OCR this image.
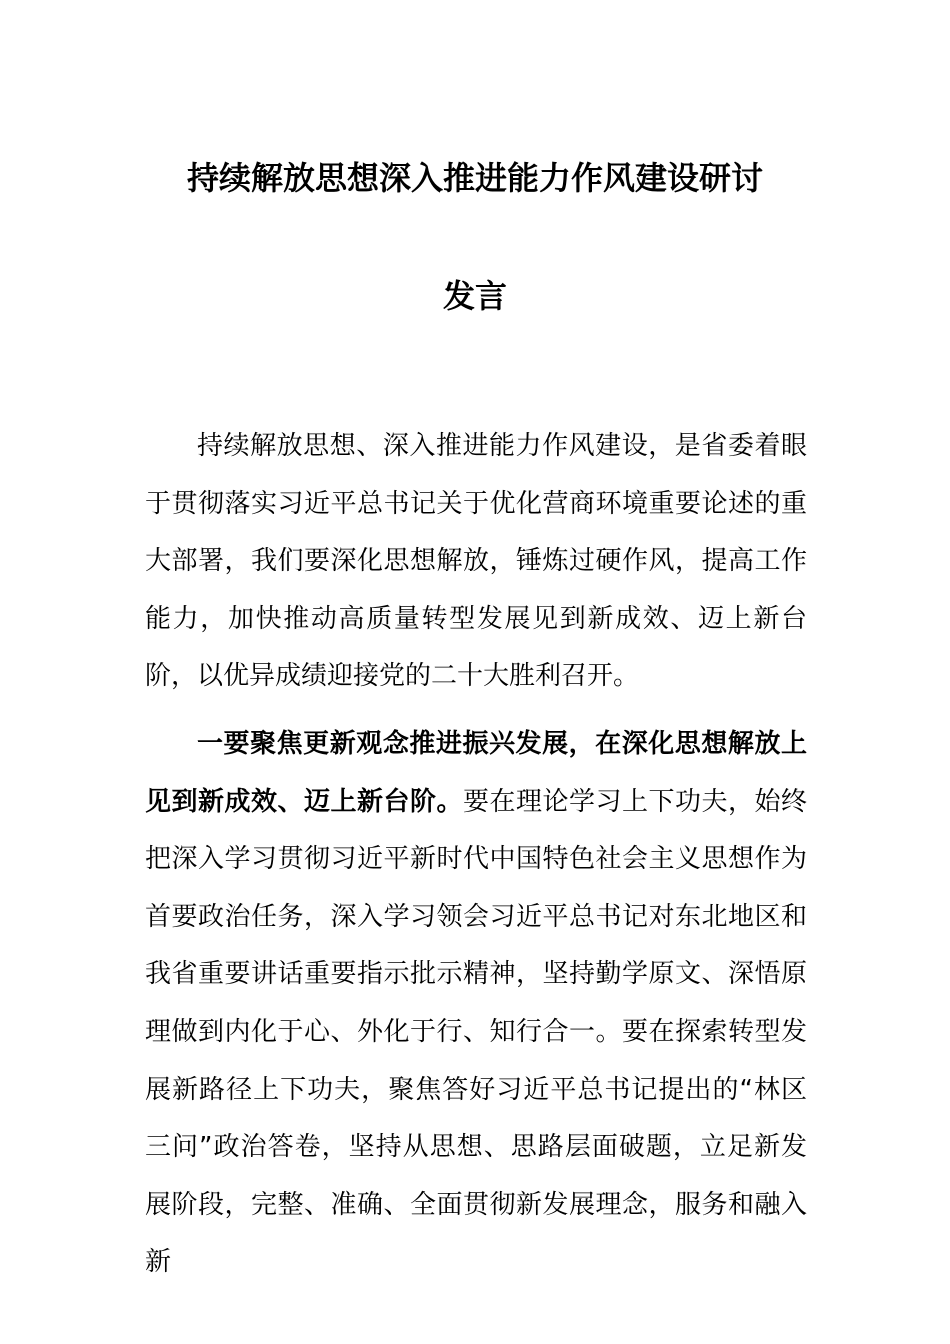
持续解放思想深入推进能力作风建设研讨
发言

持续解放思想、深入推进能力作风建设，是省委着眼于贯彻落实习近平总书记关于优化营商环境重要论述的重大部署，我们要深化思想解放，锤炼过硬作风，提高工作能力，加快推动高质量转型发展见到新成效、迈上新台阶，以优异成绩迎接党的二十大胜利召开。

一要聚焦更新观念推进振兴发展，在深化思想解放上见到新成效、迈上新台阶。要在理论学习上下功夫，始终把深入学习贯彻习近平新时代中国特色社会主义思想作为首要政治任务，深入学习领会习近平总书记对东北地区和我省重要讲话重要指示批示精神，坚持勤学原文、深悟原理做到内化于心、外化于行、知行合一。要在探索转型发展新路径上下功夫，聚焦答好习近平总书记提出的“林区三问”政治答卷，坚持从思想、思路层面破题，立足新发展阶段，完整、准确、全面贯彻新发展理念，服务和融入新
